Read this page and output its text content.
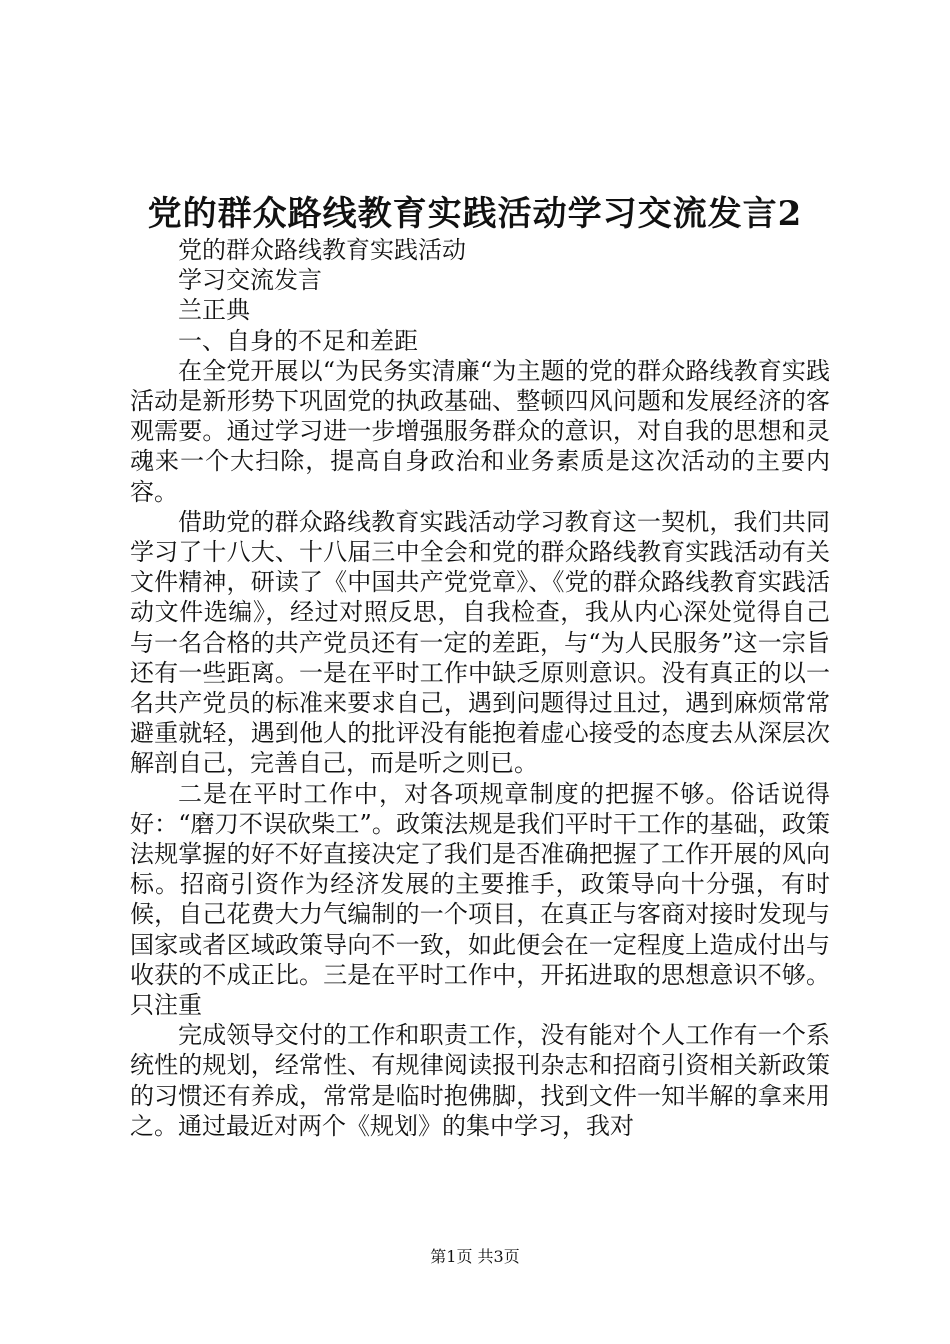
党的群众路线教育实践活动学习交流发言2

党的群众路线教育实践活动

学习交流发言

兰正典

一、自身的不足和差距

在全党开展以“为民务实清廉“为主题的党的群众路线教育实践活动是新形势下巩固党的执政基础、整顿四风问题和发展经济的客观需要。通过学习进一步增强服务群众的意识，对自我的思想和灵魂来一个大扫除，提高自身政治和业务素质是这次活动的主要内容。

借助党的群众路线教育实践活动学习教育这一契机，我们共同学习了十八大、十八届三中全会和党的群众路线教育实践活动有关文件精神，研读了《中国共产党党章》、《党的群众路线教育实践活动文件选编》，经过对照反思，自我检查，我从内心深处觉得自己与一名合格的共产党员还有一定的差距，与“为人民服务”这一宗旨还有一些距离。一是在平时工作中缺乏原则意识。没有真正的以一名共产党员的标准来要求自己，遇到问题得过且过，遇到麻烦常常避重就轻，遇到他人的批评没有能抱着虚心接受的态度去从深层次解剖自己，完善自己，而是听之则已。

二是在平时工作中，对各项规章制度的把握不够。俗话说得好：“磨刀不误砍柴工”。政策法规是我们平时干工作的基础，政策法规掌握的好不好直接决定了我们是否准确把握了工作开展的风向标。招商引资作为经济发展的主要推手，政策导向十分强，有时候，自己花费大力气编制的一个项目，在真正与客商对接时发现与国家或者区域政策导向不一致，如此便会在一定程度上造成付出与收获的不成正比。三是在平时工作中，开拓进取的思想意识不够。只注重

完成领导交付的工作和职责工作，没有能对个人工作有一个系统性的规划，经常性、有规律阅读报刊杂志和招商引资相关新政策的习惯还有养成，常常是临时抱佛脚，找到文件一知半解的拿来用之。通过最近对两个《规划》的集中学习，我对

第1页 共3页
